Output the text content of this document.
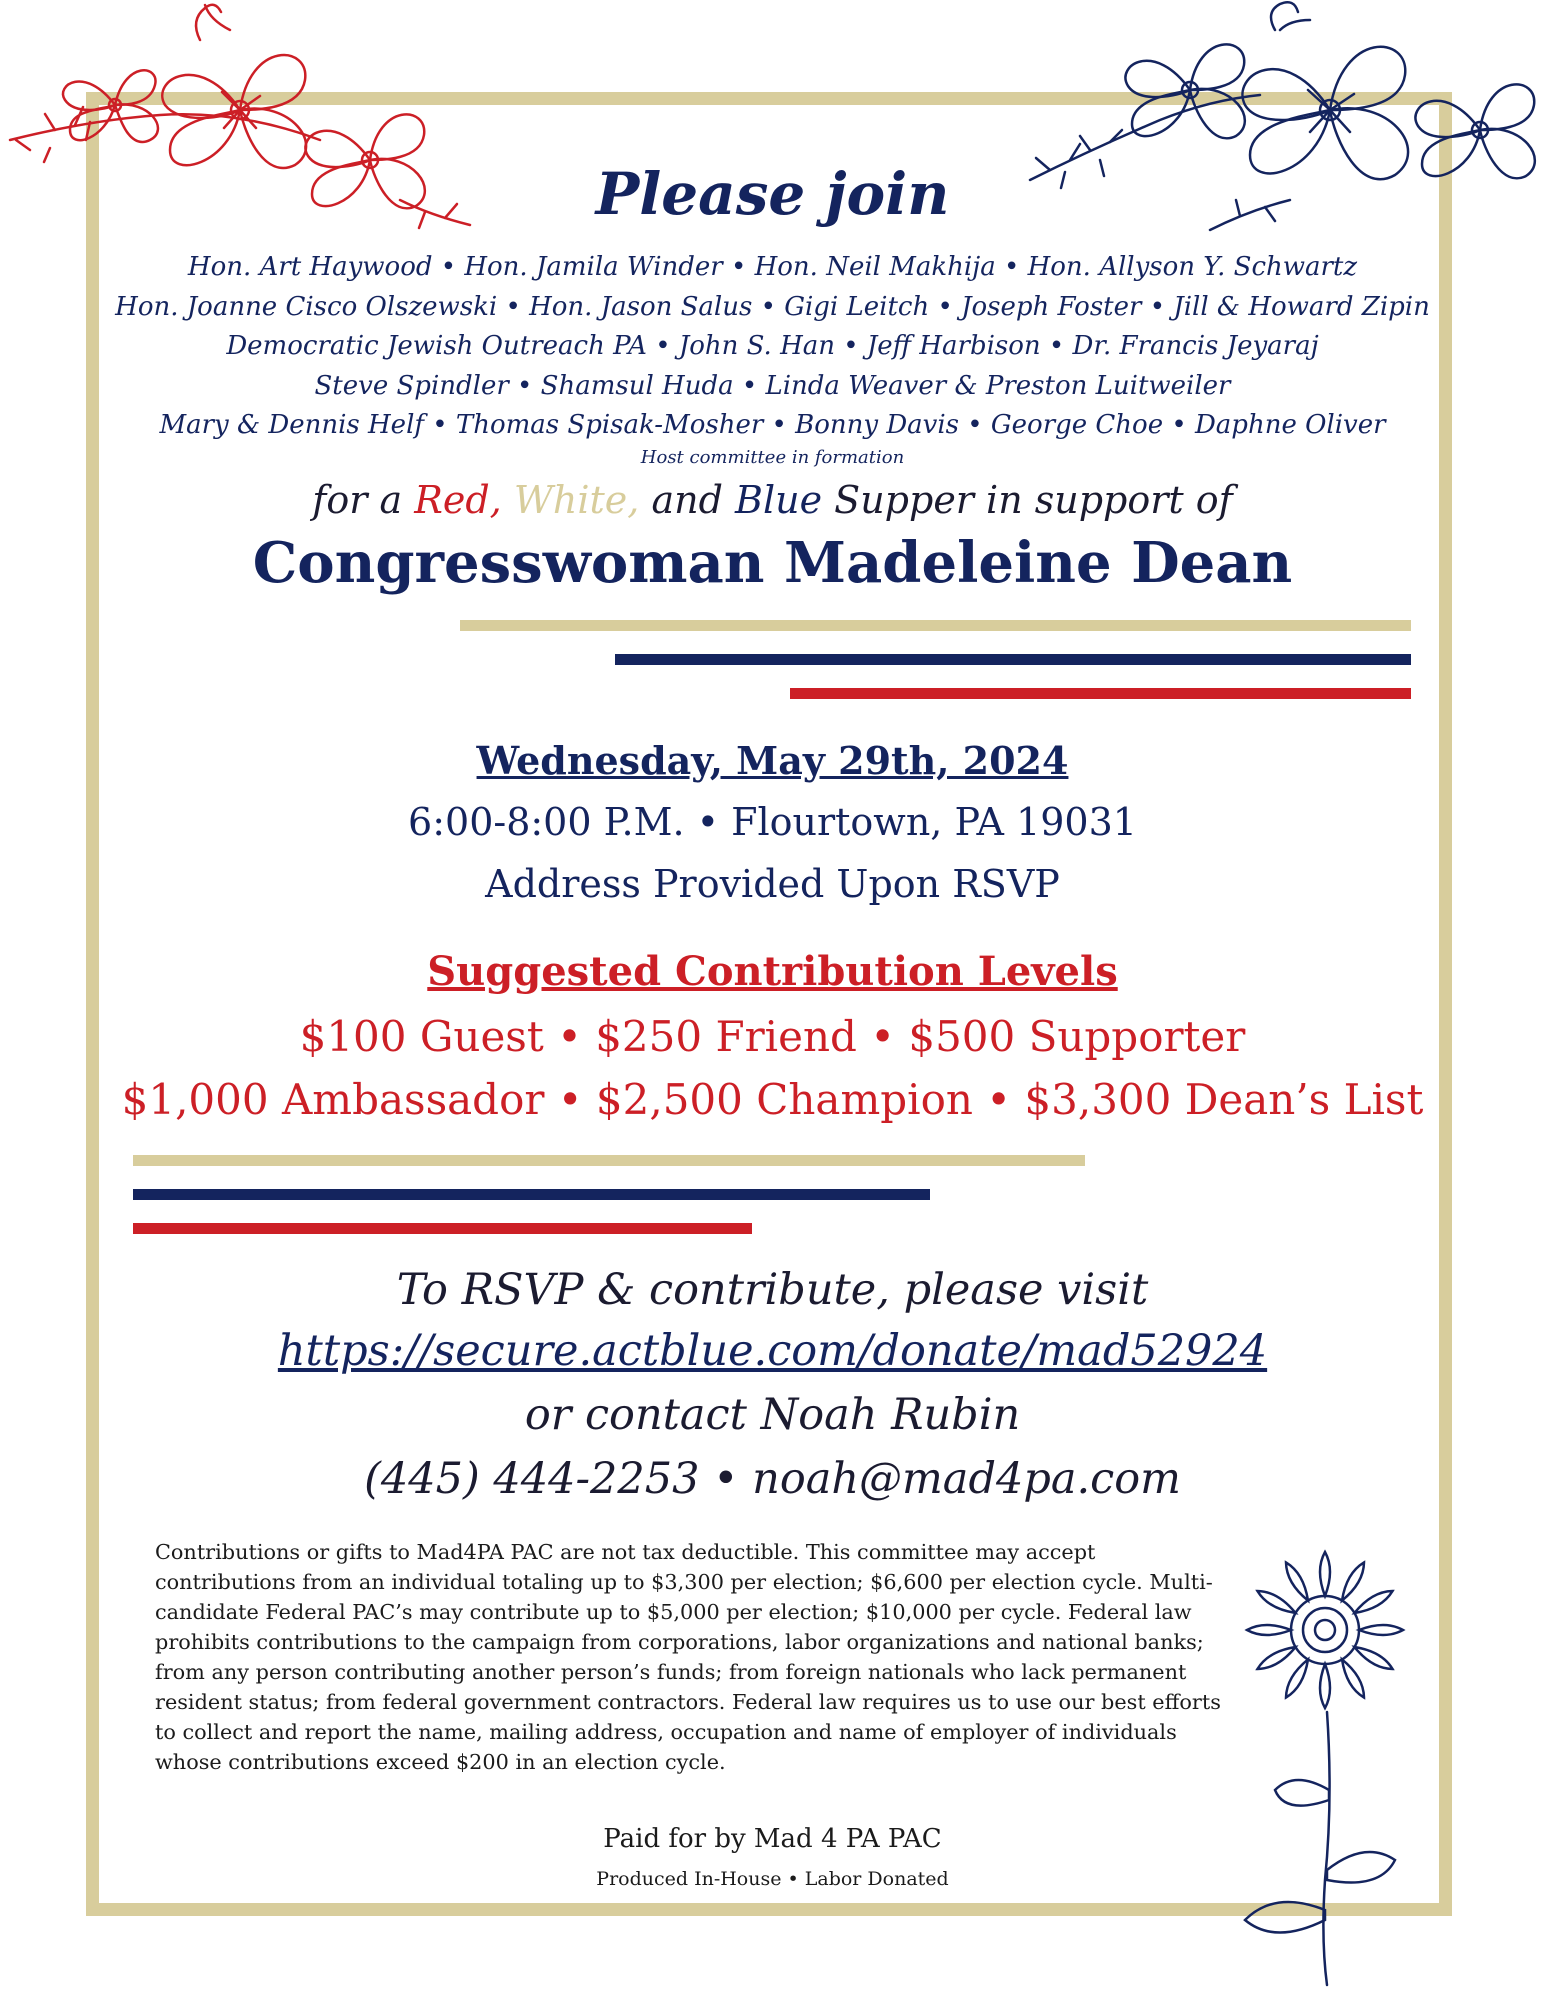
Please join
Hon. Art Haywood • Hon. Jamila Winder • Hon. Neil Makhija • Hon. Allyson Y. Schwartz
Hon. Joanne Cisco Olszewski • Hon. Jason Salus • Gigi Leitch • Joseph Foster • Jill & Howard Zipin
Democratic Jewish Outreach PA • John S. Han • Jeff Harbison • Dr. Francis Jeyaraj
Steve Spindler • Shamsul Huda • Linda Weaver & Preston Luitweiler
Mary & Dennis Helf • Thomas Spisak-Mosher • Bonny Davis • George Choe • Daphne Oliver
Host committee in formation
for a Red, White, and Blue Supper in support of
Congresswoman Madeleine Dean
Wednesday, May 29th, 2024
6:00-8:00 P.M. • Flourtown, PA 19031
Address Provided Upon RSVP
Suggested Contribution Levels
$100 Guest • $250 Friend • $500 Supporter
$1,000 Ambassador • $2,500 Champion • $3,300 Dean’s List
To RSVP & contribute, please visit
https://secure.actblue.com/donate/mad52924
or contact Noah Rubin
(445) 444-2253 • noah@mad4pa.com
Contributions or gifts to Mad4PA PAC are not tax deductible. This committee may accept contributions from an individual totaling up to $3,300 per election; $6,600 per election cycle. Multi-candidate Federal PAC’s may contribute up to $5,000 per election; $10,000 per cycle. Federal law prohibits contributions to the campaign from corporations, labor organizations and national banks; from any person contributing another person’s funds; from foreign nationals who lack permanent resident status; from federal government contractors. Federal law requires us to use our best efforts to collect and report the name, mailing address, occupation and name of employer of individuals whose contributions exceed $200 in an election cycle.
Paid for by Mad 4 PA PAC
Produced In-House • Labor Donated
